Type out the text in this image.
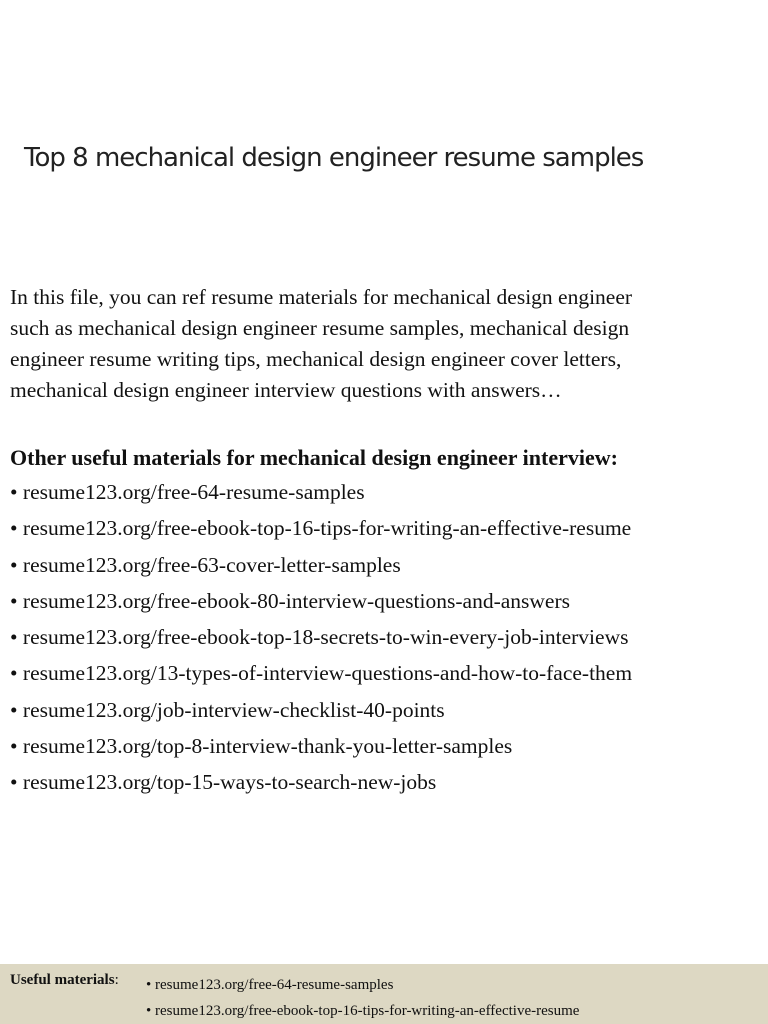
Top 8 mechanical design engineer resume samples

In this file, you can ref resume materials for mechanical design engineer
such as mechanical design engineer resume samples, mechanical design
engineer resume writing tips, mechanical design engineer cover letters,
mechanical design engineer interview questions with answers…

Other useful materials for mechanical design engineer interview:
• resume123.org/free-64-resume-samples
• resume123.org/free-ebook-top-16-tips-for-writing-an-effective-resume
• resume123.org/free-63-cover-letter-samples
• resume123.org/free-ebook-80-interview-questions-and-answers
• resume123.org/free-ebook-top-18-secrets-to-win-every-job-interviews
• resume123.org/13-types-of-interview-questions-and-how-to-face-them
• resume123.org/job-interview-checklist-40-points
• resume123.org/top-8-interview-thank-you-letter-samples
• resume123.org/top-15-ways-to-search-new-jobs
Useful materials: • resume123.org/free-64-resume-samples
• resume123.org/free-ebook-top-16-tips-for-writing-an-effective-resume
